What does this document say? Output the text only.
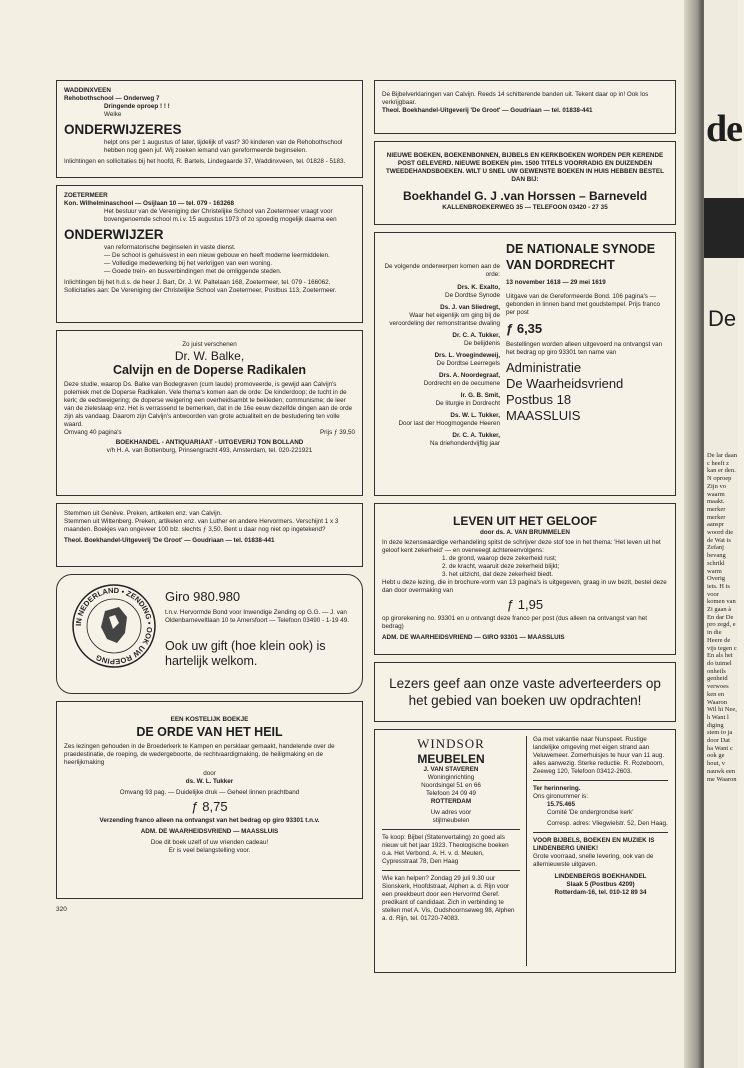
de
De
De lar daan c heeft z kan er den. N oproep Zijn vo waarm maakt. merker merker aanspr woord die de Wat is Zefanj bevang schrikl warm Overig iets. H is voor komen van Zi gaan à En dar De pro zegd, e in die Heere de vijs tegen c En als het do tuimel onheils genheid verwoes ken en Waaron Wil hi Nee, h Want l diging stem to ja door Dat ha Want c ook ge hout, v nauwk een me Waaron

WADDINXVEEN

Rehobothschool — Onderweg 7

Dringende oproep ! ! !

Welke

ONDERWIJZERES

helpt ons per 1 augustus of later, tijdelijk of vast? 30 kinderen van de Rehobothschool hebben nog geen juf. Wij zoeken iemand van gereformeerde beginselen.

Inlichtingen en sollicitaties bij het hoofd, R. Bartels, Lindegaarde 37, Waddinxveen, tel. 01828 - 5183.

ZOETERMEER

Kon. Wilhelminaschool — Osijlaan 10 — tel. 079 - 163268

Het bestuur van de Vereniging der Christelijke School van Zoetermeer vraagt voor bovengenoemde school m.i.v. 15 augustus 1973 of zo spoedig mogelijk daarna een

ONDERWIJZER

van reformatorische beginselen in vaste dienst.

— De school is gehuisvest in een nieuw gebouw en heeft moderne leermiddelen.

— Volledige medewerking bij het verkrijgen van een woning.

— Goede trein- en busverbindingen met de omliggende steden.

Inlichtingen bij het h.d.s. de heer J. Bart, Dr. J. W. Paltelaan 168, Zoetermeer, tel. 079 - 166062. Sollicitaties aan: De Vereniging der Christelijke School van Zoetermeer, Postbus 113, Zoetermeer.

Zo juist verschenen

Dr. W. Balke,

Calvijn en de Doperse Radikalen

Deze studie, waarop Ds. Balke van Bodegraven (cum laude) promoveerde, is gewijd aan Calvijn's polemiek met de Doperse Radikalen. Vele thema's komen aan de orde: De kinderdoop; de tucht in de kerk; de eedsweigering; de doperse weigering een overheidsambt te bekleden; communisme; de leer van de zieleslaap enz. Het is verrassend te bemerken, dat in de 16e eeuw dezelfde dingen aan de orde zijn als vandaag. Daarom zijn Calvijn's antwoorden van grote actualiteit en de bestudering ten volle waard.

Omvang 40 pagina's	Prijs ƒ 39,50

BOEKHANDEL - ANTIQUARIAAT - UITGEVERIJ TON BOLLAND

v/h H. A. van Bottenburg, Prinsengracht 493, Amsterdam, tel. 020-221921

Stemmen uit Genève. Preken, artikelen enz. van Calvijn.

Stemmen uit Wittenberg. Preken, artikelen enz. van Luther en andere Hervormers. Verschijnt 1 x 3 maanden. Boekjes van ongeveer 100 blz. slechts ƒ 3,50. Bent u daar nog niet op ingetekend?

Theol. Boekhandel-Uitgeverij 'De Groot' — Goudriaan — tel. 01838-441

IN NEDERLAND • ZENDING • OOK UW ROEPING

Giro 980.980

t.n.v. Hervormde Bond voor Inwendige Zending op G.G. — J. van Oldenbarneveltlaan 10 te Amersfoort — Telefoon 03490 - 1-19 49.

Ook uw gift (hoe klein ook) is hartelijk welkom.

EEN KOSTELIJK BOEKJE

DE ORDE VAN HET HEIL

Zes lezingen gehouden in de Broederkerk te Kampen en persklaar gemaakt, handelende over de praedestinatie, de roeping, de wedergeboorte, de rechtvaardigmaking, de heiligmaking en de heerlijkmaking

door

ds. W. L. Tukker

Omvang 93 pag. — Duidelijke druk — Geheel linnen prachtband

ƒ 8,75

Verzending franco alleen na ontvangst van het bedrag op giro 93301 t.n.v.

ADM. DE WAARHEIDSVRIEND — MAASSLUIS

Doe dit boek uzelf of uw vrienden cadeau!

Er is veel belangstelling voor.

320

De Bijbelverklaringen van Calvijn. Reeds 14 schitterende banden uit. Tekent daar op in! Ook los verkrijgbaar.

Theol. Boekhandel-Uitgeverij 'De Groot' — Goudriaan — tel. 01838-441

NIEUWE BOEKEN, BOEKENBONNEN, BIJBELS EN KERKBOEKEN WORDEN PER KERENDE POST GELEVERD. NIEUWE BOEKEN plm. 1500 TITELS VOORRADIG EN DUIZENDEN TWEEDEHANDSBOEKEN. WILT U SNEL UW GEWENSTE BOEKEN IN HUIS HEBBEN BESTEL DAN BIJ:

Boekhandel G. J .van Horssen – Barneveld

KALLENBROEKERWEG 35 — TELEFOON 03420 - 27 35

De volgende onderwerpen komen aan de orde:

Drs. K. Exalto,

De Dordtse Synode

Ds. J. van Sliedregt,

Waar het eigenlijk om ging bij de veroordeling der remonstrantse dwaling

Dr. C. A. Tukker,

De belijdenis

Drs. L. Vroegindeweij,

De Dordtse Leerregels

Drs. A. Noordegraaf,

Dordrecht en de oecumene

Ir. G. B. Smit,

De liturgie in Dordrecht

Ds. W. L. Tukker,

Door last der Hoogmogende Heeren

Dr. C. A. Tukker,

Na driehonderdvijftig jaar

DE NATIONALE SYNODE VAN DORDRECHT

13 november 1618 — 29 mei 1619

Uitgave van de Gereformeerde Bond. 106 pagina's — gebonden in linnen band met goudstempel. Prijs franco per post

ƒ 6,35

Bestellingen worden alleen uitgevoerd na ontvangst van het bedrag op giro 93301 ten name van

Administratie

De Waarheidsvriend

Postbus 18

MAASSLUIS

LEVEN UIT HET GELOOF

door ds. A. VAN BRUMMELEN

In deze lezenswaardige verhandeling spitst de schrijver deze stof toe in het thema: 'Het leven uit het geloof kent zekerheid' — en overweegt achtereenvolgens:

1. de grond, waarop deze zekerheid rust;

2. de kracht, waaruit deze zekerheid blijkt;

3. het uitzicht, dat deze zekerheid biedt.

Hebt u deze lezing, die in brochure-vorm van 13 pagina's is uitgegeven, graag in uw bezit, bestel deze dan door overmaking van

ƒ 1,95

op girorekening no. 93301 en u ontvangt deze franco per post (dus alleen na ontvangst van het bedrag)

ADM. DE WAARHEIDSVRIEND — GIRO 93301 — MAASSLUIS

Lezers geef aan onze vaste adverteerders op het gebied van boeken uw opdrachten!

WINDSOR

MEUBELEN

J. VAN STAVEREN

Woninginrichting

Noordsingel 51 en 66

Telefoon 24 09 49

ROTTERDAM

Uw adres voor

stijlmeubelen

Te koop: Bijbel (Statenvertaling) zo goed als nieuw uit het jaar 1923. Theologische boeken o.a. Het Verbond. A. H. v. d. Meulen, Cypresstraat 78, Den Haag

Wie kan helpen? Zondag 29 juli 9.30 uur Sionskerk, Hoofdstraat, Alphen a. d. Rijn voor een preekbeurt door een Hervormd Geref. predikant of candidaat. Zich in verbinding te stellen met A. Vis, Oudshoornseweg 98, Alphen a. d. Rijn, tel. 01720-74083.

Ga met vakantie naar Nunspeet. Rustige landelijke omgeving met eigen strand aan Veluwemeer. Zomerhuisjes te huur van 11 aug. alles aanwezig. Sterke reductie. R. Rozeboom, Zeeweg 120, Telefoon 03412-2603.

Ter herinnering.

Ons gironummer is:

15.75.465

Comité 'De ondergrondse kerk'

Corresp. adres: Vliegwielstr. 52, Den Haag.

VOOR BIJBELS, BOEKEN EN MUZIEK IS LINDENBERG UNIEK!

Grote voorraad, snelle levering, ook van de allernieuwste uitgaven.

LINDENBERGS BOEKHANDEL

Slaak 5 (Postbus 4209)

Rotterdam-16, tel. 010-12 89 34
